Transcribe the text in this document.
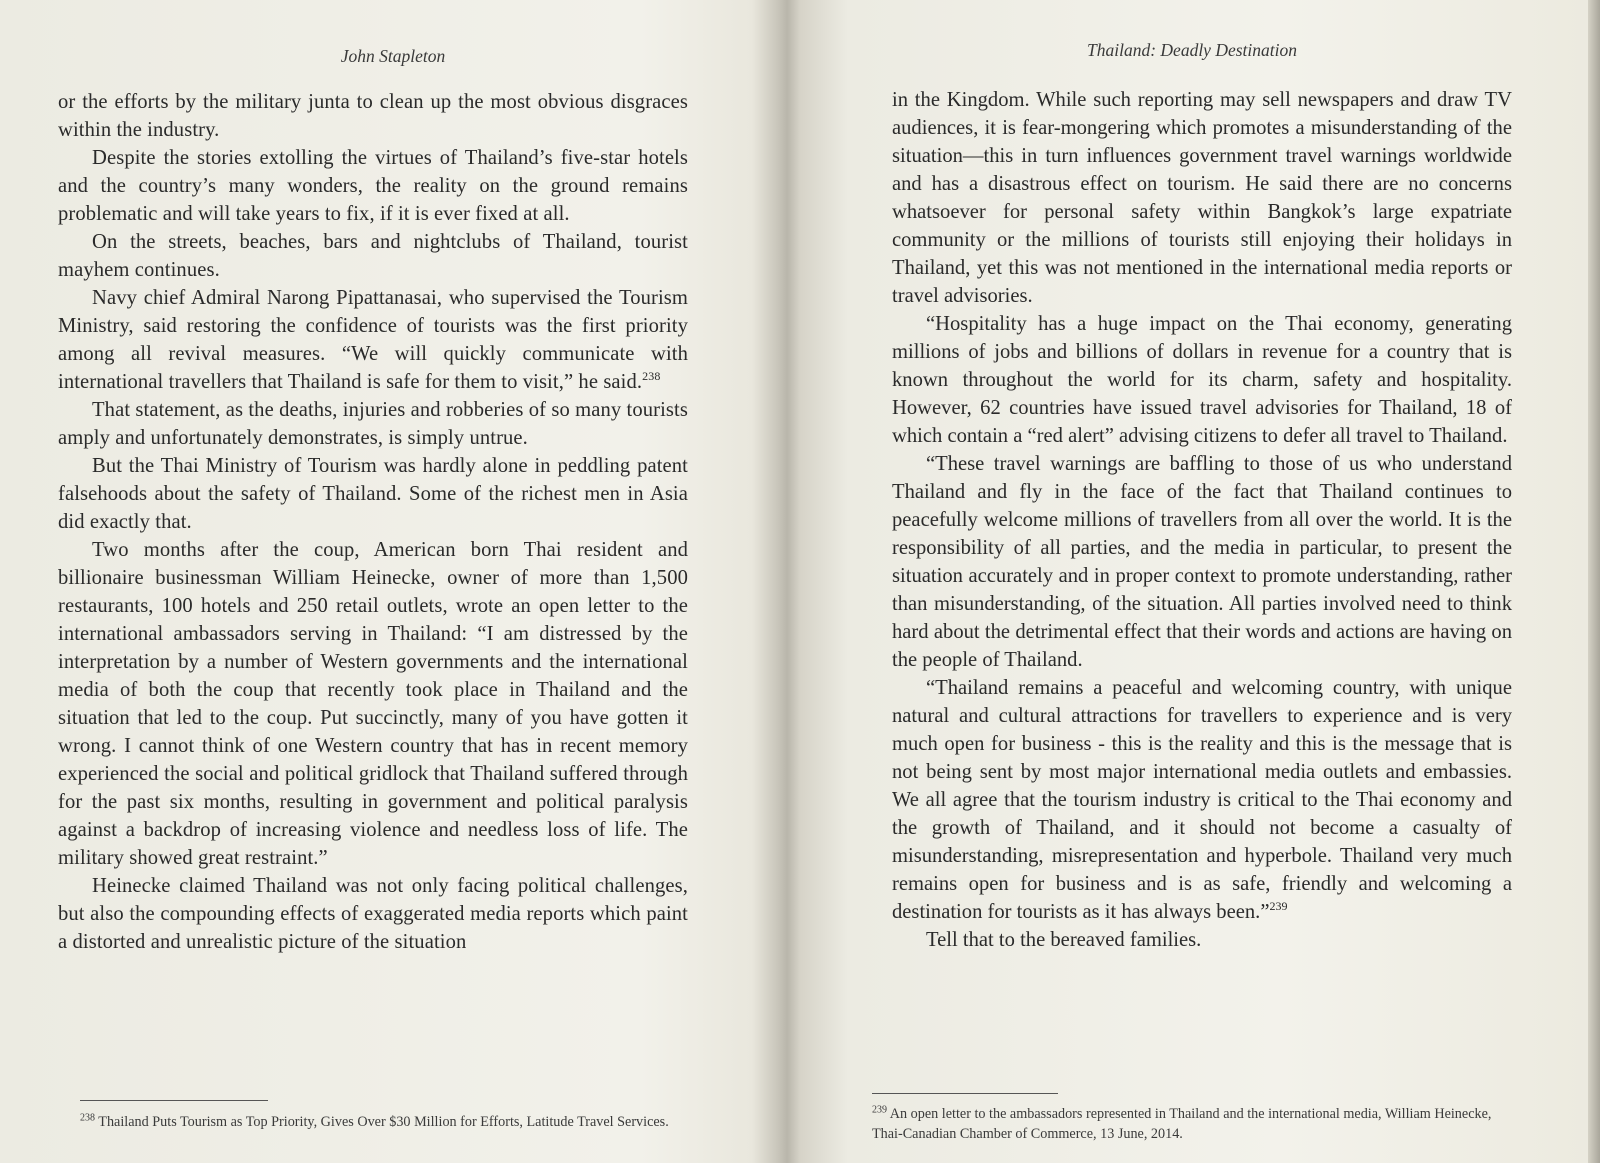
John Stapleton

or the efforts by the military junta to clean up the most obvious disgraces within the industry.

Despite the stories extolling the virtues of Thailand’s five-star hotels and the country’s many wonders, the reality on the ground remains problematic and will take years to fix, if it is ever fixed at all.

On the streets, beaches, bars and nightclubs of Thailand, tourist mayhem continues.

Navy chief Admiral Narong Pipattanasai, who supervised the Tourism Ministry, said restoring the confidence of tourists was the first priority among all revival measures. “We will quickly communicate with international travellers that Thailand is safe for them to visit,” he said.$^{238}$

That statement, as the deaths, injuries and robberies of so many tourists amply and unfortunately demonstrates, is simply untrue.

But the Thai Ministry of Tourism was hardly alone in peddling patent falsehoods about the safety of Thailand. Some of the richest men in Asia did exactly that.

Two months after the coup, American born Thai resident and billionaire businessman William Heinecke, owner of more than 1,500 restaurants, 100 hotels and 250 retail outlets, wrote an open letter to the international ambassadors serving in Thailand: “I am distressed by the interpretation by a number of Western governments and the international media of both the coup that recently took place in Thailand and the situation that led to the coup. Put succinctly, many of you have gotten it wrong. I cannot think of one Western country that has in recent memory experienced the social and political gridlock that Thailand suffered through for the past six months, resulting in government and political paralysis against a backdrop of increasing violence and needless loss of life. The military showed great restraint.”

Heinecke claimed Thailand was not only facing political challenges, but also the compounding effects of exaggerated media reports which paint a distorted and unrealistic picture of the situation

$^{238}$ Thailand Puts Tourism as Top Priority, Gives Over $30 Million for Efforts, Latitude Travel Services.
Thailand: Deadly Destination

in the Kingdom. While such reporting may sell newspapers and draw TV audiences, it is fear-mongering which promotes a misunderstanding of the situation—this in turn influences government travel warnings worldwide and has a disastrous effect on tourism. He said there are no concerns whatsoever for personal safety within Bangkok’s large expatriate community or the millions of tourists still enjoying their holidays in Thailand, yet this was not mentioned in the international media reports or travel advisories.

“Hospitality has a huge impact on the Thai economy, generating millions of jobs and billions of dollars in revenue for a country that is known throughout the world for its charm, safety and hospitality. However, 62 countries have issued travel advisories for Thailand, 18 of which contain a “red alert” advising citizens to defer all travel to Thailand.

“These travel warnings are baffling to those of us who understand Thailand and fly in the face of the fact that Thailand continues to peacefully welcome millions of travellers from all over the world. It is the responsibility of all parties, and the media in particular, to present the situation accurately and in proper context to promote understanding, rather than misunderstanding, of the situation. All parties involved need to think hard about the detrimental effect that their words and actions are having on the people of Thailand.

“Thailand remains a peaceful and welcoming country, with unique natural and cultural attractions for travellers to experience and is very much open for business - this is the reality and this is the message that is not being sent by most major international media outlets and embassies. We all agree that the tourism industry is critical to the Thai economy and the growth of Thailand, and it should not become a casualty of misunderstanding, misrepresentation and hyperbole. Thailand very much remains open for business and is as safe, friendly and welcoming a destination for tourists as it has always been.”$^{239}$

Tell that to the bereaved families.

$^{239}$ An open letter to the ambassadors represented in Thailand and the international media, William Heinecke, Thai-Canadian Chamber of Commerce, 13 June, 2014.
